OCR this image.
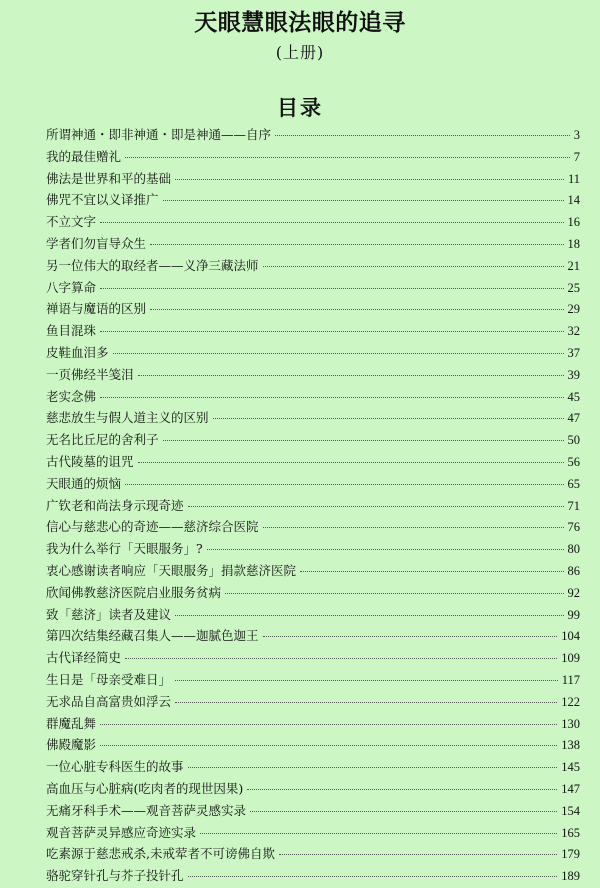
天眼慧眼法眼的追寻
(上册)
目录
所谓神通・即非神通・即是神通——自序	3
我的最佳赠礼	7
佛法是世界和平的基础	11
佛咒不宜以义译推广	14
不立文字	16
学者们勿盲导众生	18
另一位伟大的取经者——义净三藏法师	21
八字算命	25
禅语与魔语的区别	29
鱼目混珠	32
皮鞋血泪多	37
一页佛经半笺泪	39
老实念佛	45
慈悲放生与假人道主义的区别	47
无名比丘尼的舍利子	50
古代陵墓的诅咒	56
天眼通的烦恼	65
广钦老和尚法身示现奇迹	71
信心与慈悲心的奇迹——慈济综合医院	76
我为什么举行「天眼服务」?	80
衷心感谢读者响应「天眼服务」捐款慈济医院	86
欣闻佛教慈济医院启业服务贫病	92
致「慈济」读者及建议	99
第四次结集经藏召集人——迦腻色迦王	104
古代译经简史	109
生日是「母亲受难日」	117
无求品自高富贵如浮云	122
群魔乱舞	130
佛殿魔影	138
一位心脏专科医生的故事	145
高血压与心脏病(吃肉者的现世因果)	147
无痛牙科手术——观音菩萨灵感实录	154
观音菩萨灵异感应奇迹实录	165
吃素源于慈悲戒杀,未戒荤者不可谤佛自欺	179
骆驼穿针孔与芥子投针孔	189
